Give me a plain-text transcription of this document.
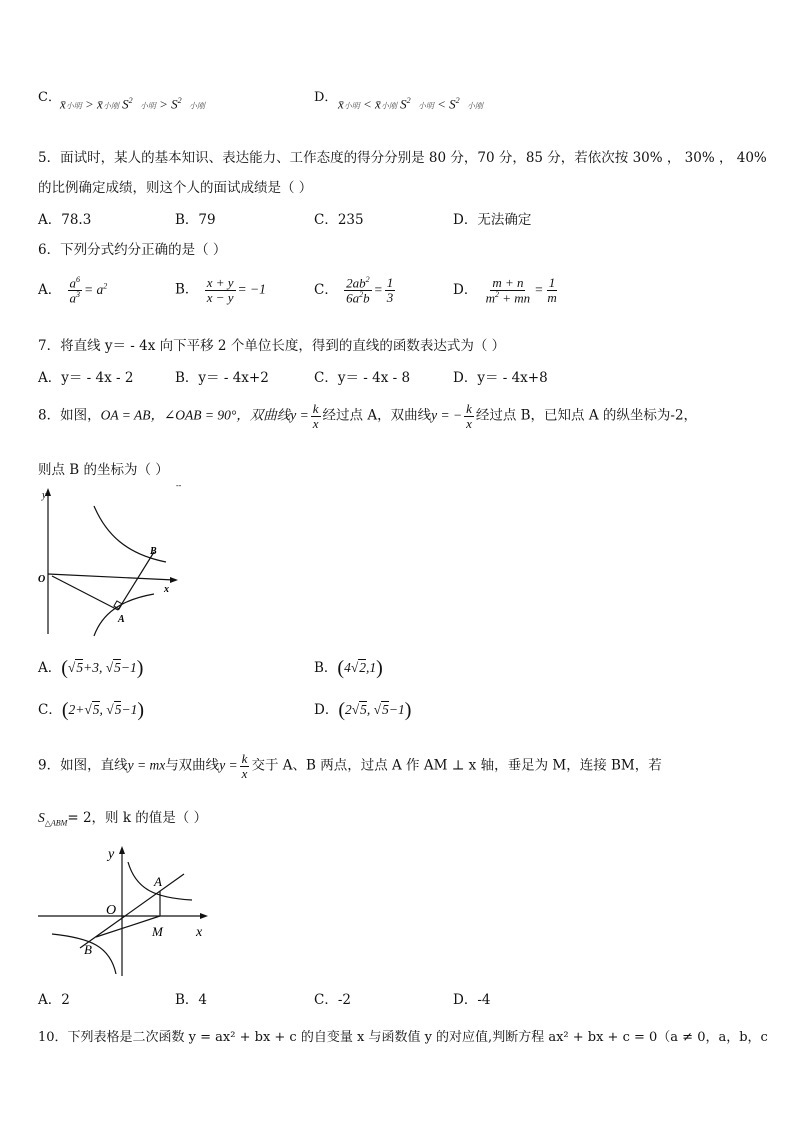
C． x̄小明 > x̄小刚 $S^2$   小明 > $S^2$   小刚
D． x̄小明 < x̄小刚 $S^2$   小明 < $S^2$   小刚
5．面试时，某人的基本知识、表达能力、工作态度的得分分别是 80 分，70 分，85 分，若依次按 30% ， 30% ， 40%
的比例确定成绩，则这个人的面试成绩是（ ）
A．78.3	B．79	C．235	D．无法确定
6．下列分式约分正确的是（ ）
A． $\frac{a^6}{a^3} = a^2$	B． $\frac{x + y}{x - y} = -1$	C． $\frac{2ab^2}{6a^2b} = \frac{1}{3}$	D． $\frac{m + n}{m^2 + mn} = \frac{1}{m}$
7．将直线 y＝ - 4x 向下平移 2 个单位长度，得到的直线的函数表达式为（ ）
A．y＝ - 4x - 2	B．y＝ - 4x+2	C．y＝ - 4x - 8	D．y＝ - 4x+8
8．如图，OA = AB，∠OAB = 90°，双曲线$y = \frac{k}{x}$ 经过点 A，双曲线y = − $\frac{k}{x}$ 经过点 B，已知点 A 的纵坐标为-2，
则点 B 的坐标为（ ）
y
‐‐
x
O
B
A
A．(√5+3, √5−1)	B．(4√2,1)
C．(2+√5, √5−1)	D．(2√5, √5−1)
9．如图，直线y = mx与双曲线$y = \frac{k}{x}$ 交于 A、B 两点，过点 A 作 AM ⊥ x 轴，垂足为 M，连接 BM，若
$S_{\triangle ABM}= 2$，则 k 的值是（ ）
x
y
O
A
B
M
A．2	B．4	C．-2	D．-4
10．下列表格是二次函数 y = ax² + bx + c 的自变量 x 与函数值 y 的对应值,判断方程 ax² + bx + c = 0（a ≠ 0，a，b，c
